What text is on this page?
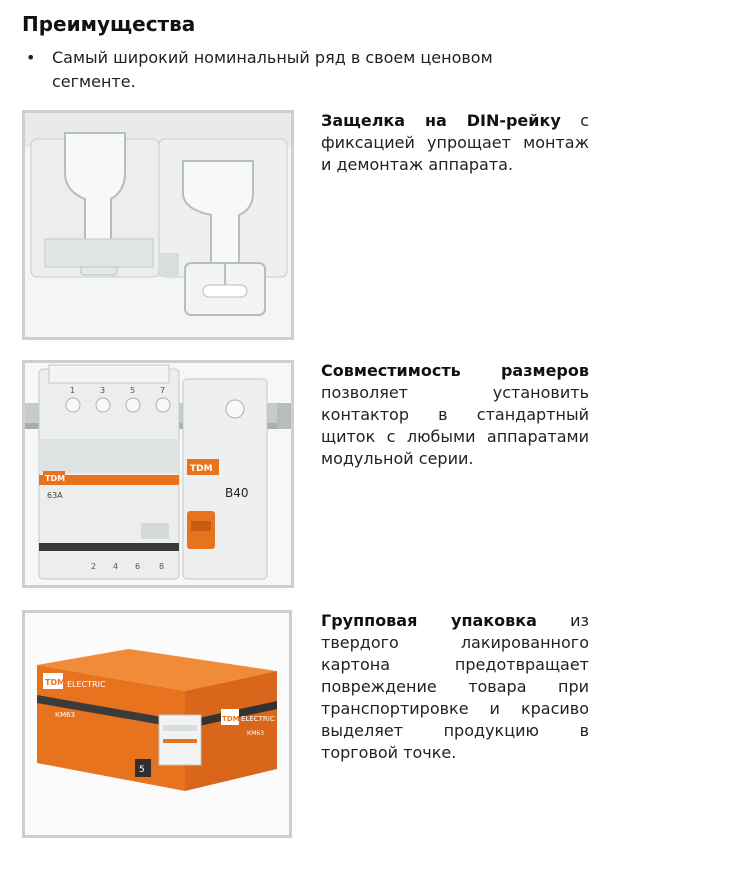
Преимущества
• Самый широкий номинальный ряд в своем ценовом сегменте.
Защелка на DIN-рейку с фиксацией упрощает монтаж и демонтаж аппарата.
1	3	5	7
TDM
63A
2 4 6 8
TDM
B40
Совместимость размеров позволяет установить контактор в стандартный щиток с любыми аппаратами модульной серии.
TDM ELECTRIC
КМ63
5
TDM ELECTRIC
КМ63
Групповая упаковка из твердого лакированного картона предотвращает повреждение товара при транспортировке и красиво выделяет продукцию в торговой точке.
